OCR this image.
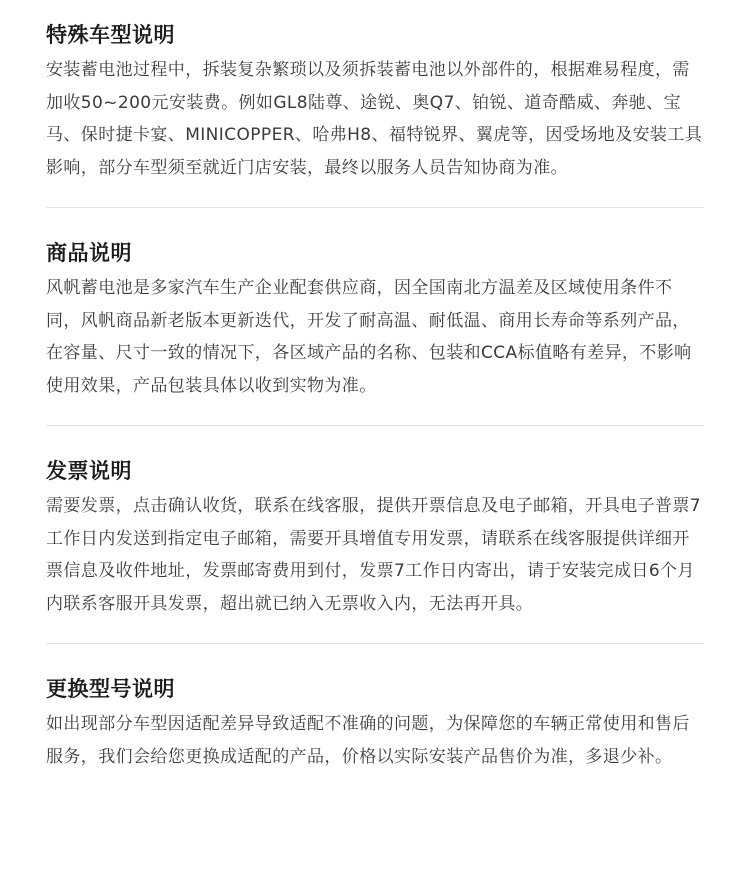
特殊车型说明

安装蓄电池过程中，拆装复杂繁琐以及须拆装蓄电池以外部件的，根据难易程度，需加收50~200元安装费。例如GL8陆尊、途锐、奥Q7、铂锐、道奇酷威、奔驰、宝马、保时捷卡宴、MINICOPPER、哈弗H8、福特锐界、翼虎等，因受场地及安装工具影响，部分车型须至就近门店安装，最终以服务人员告知协商为准。

商品说明

风帆蓄电池是多家汽车生产企业配套供应商，因全国南北方温差及区域使用条件不同，风帆商品新老版本更新迭代，开发了耐高温、耐低温、商用长寿命等系列产品，在容量、尺寸一致的情况下，各区域产品的名称、包装和CCA标值略有差异，不影响使用效果，产品包装具体以收到实物为准。

发票说明

需要发票，点击确认收货，联系在线客服，提供开票信息及电子邮箱，开具电子普票7工作日内发送到指定电子邮箱，需要开具增值专用发票，请联系在线客服提供详细开票信息及收件地址，发票邮寄费用到付，发票7工作日内寄出，请于安装完成日6个月内联系客服开具发票，超出就已纳入无票收入内，无法再开具。

更换型号说明

如出现部分车型因适配差异导致适配不准确的问题，为保障您的车辆正常使用和售后服务，我们会给您更换成适配的产品，价格以实际安装产品售价为准，多退少补。
